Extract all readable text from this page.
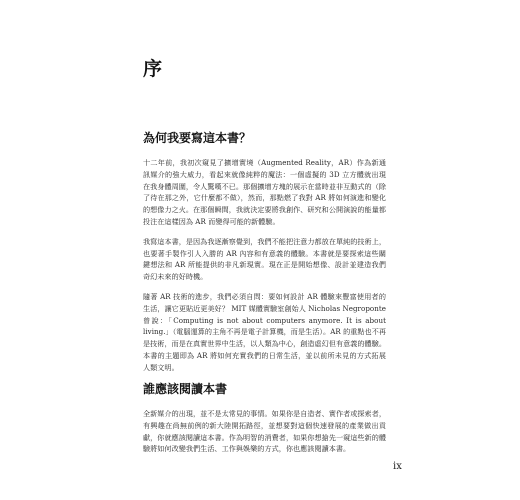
序
為何我要寫這本書？

十二年前，我初次窺見了擴增實境（Augmented Reality，AR）作為新通訊媒介的強大威力，看起來就像純粹的魔法：一個虛擬的 3D 立方體就出現在我身體周圍，令人驚嘆不已。那個擴增方塊的展示在當時並非互動式的（除了待在那之外，它什麼都不做），然而，那點燃了我對 AR 將如何演進和變化的想像力之火。在那個瞬間，我就決定要將我創作、研究和公開演說的能量都投注在這樣因為 AR 而變得可能的新體驗。

我寫這本書，是因為我逐漸察覺到，我們不能把注意力都放在單純的技術上，也要著手製作引人入勝的 AR 內容和有意義的體驗。本書就是要探索這些關鍵想法和 AR 所能提供的非凡新現實。現在正是開始想像、設計並建造我們奇幻未來的好時機。

隨著 AR 技術的進步，我們必須自問：要如何設計 AR 體驗來豐富使用者的生活，讓它更貼近更美好？ MIT 媒體實驗室創始人 Nicholas Negroponte 曾說：「Computing is not about computers anymore. It is about living.」（電腦運算的主角不再是電子計算機，而是生活）。AR 的重點也不再是技術，而是在真實世界中生活，以人類為中心，創造虛幻但有意義的體驗。本書的主題即為 AR 將如何充實我們的日常生活，並以前所未見的方式拓展人類文明。

誰應該閱讀本書

全新媒介的出現，並不是太常見的事情。如果你是自造者、實作者或探索者，有興趣在尚無前例的新大陸開拓路徑，並想要對這個快速發展的產業做出貢獻，你就應該閱讀這本書。作為明智的消費者，如果你想搶先一窺這些新的體驗將如何改變我們生活、工作與娛樂的方式，你也應該閱讀本書。

ix
